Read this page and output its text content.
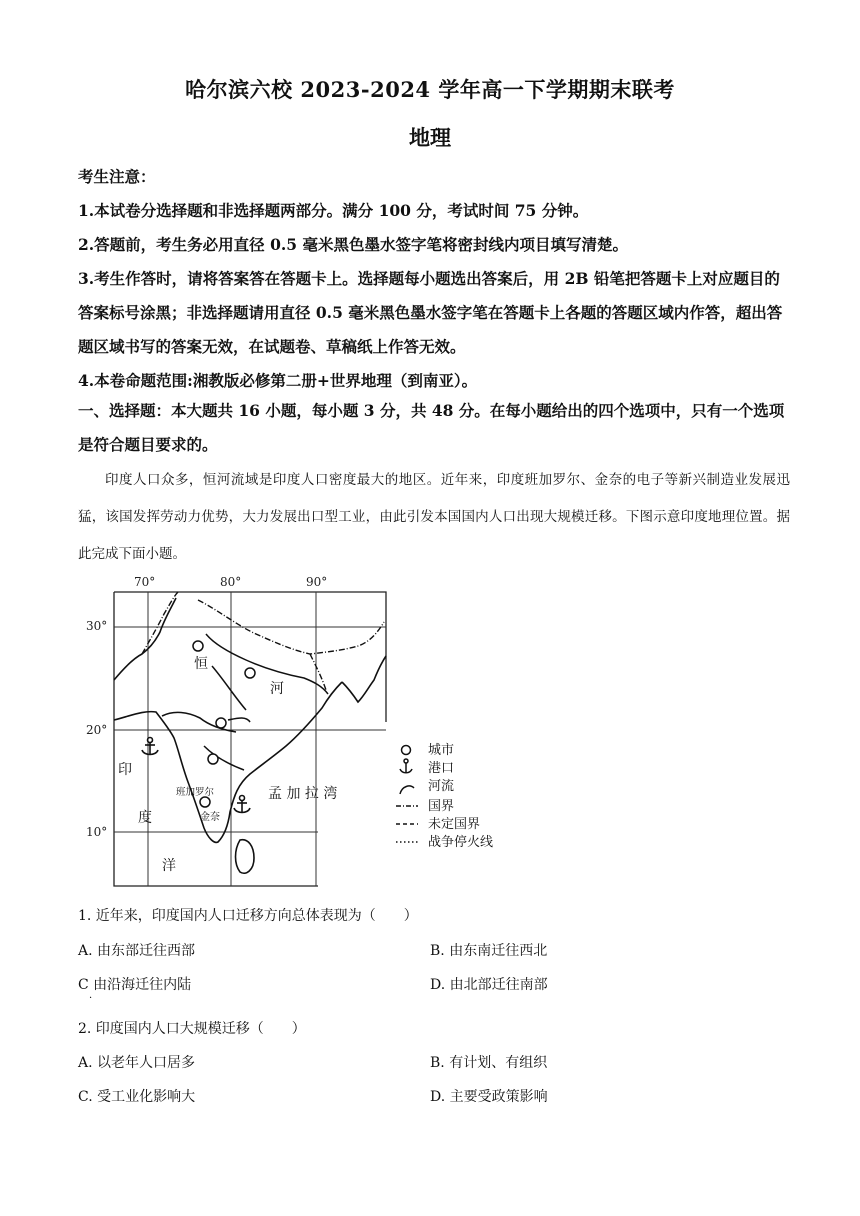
哈尔滨六校 2023-2024 学年高一下学期期末联考
地理

考生注意：

1.本试卷分选择题和非选择题两部分。满分 100 分，考试时间 75 分钟。

2.答题前，考生务必用直径 0.5 毫米黑色墨水签字笔将密封线内项目填写清楚。

3.考生作答时，请将答案答在答题卡上。选择题每小题选出答案后，用 2B 铅笔把答题卡上对应题目的答案标号涂黑；非选择题请用直径 0.5 毫米黑色墨水签字笔在答题卡上各题的答题区域内作答，超出答题区域书写的答案无效，在试题卷、草稿纸上作答无效。

4.本卷命题范围:湘教版必修第二册+世界地理（到南亚）。

一、选择题：本大题共 16 小题，每小题 3 分，共 48 分。在每小题给出的四个选项中，只有一个选项是符合题目要求的。
印度人口众多，恒河流域是印度人口密度最大的地区。近年来，印度班加罗尔、金奈的电子等新兴制造业发展迅猛，该国发挥劳动力优势，大力发展出口型工业，由此引发本国国内人口出现大规模迁移。下图示意印度地理位置。据此完成下面小题。
70°	80°	90°
30°
20°
10°
恒
河
印
度
洋
孟 加 拉 湾
班加罗尔
金奈
城市
港口
河流
国界
未定国界
战争停火线
1. 近年来，印度国内人口迁移方向总体表现为（　　）
A. 由东部迁往西部	B. 由东南迁往西北
C 由沿海迁往内陆	D. 由北部迁往南部
·
2. 印度国内人口大规模迁移（　　）
A. 以老年人口居多	B. 有计划、有组织
C. 受工业化影响大	D. 主要受政策影响
